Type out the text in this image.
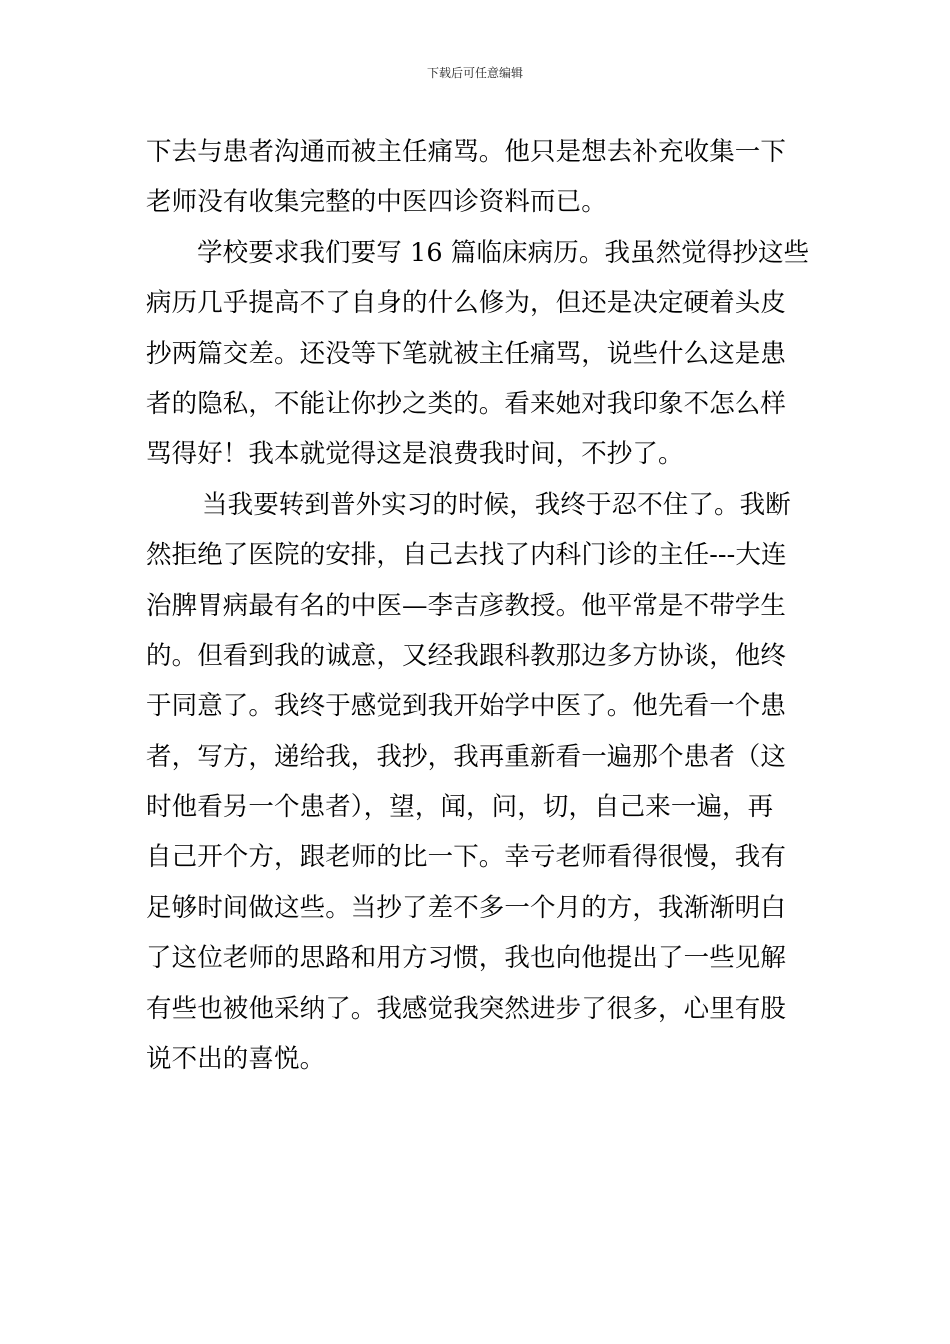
下载后可任意编辑
下去与患者沟通而被主任痛骂。他只是想去补充收集一下
老师没有收集完整的中医四诊资料而已。
学校要求我们要写 16 篇临床病历。我虽然觉得抄这些
病历几乎提高不了自身的什么修为，但还是决定硬着头皮
抄两篇交差。还没等下笔就被主任痛骂，说些什么这是患
者的隐私，不能让你抄之类的。看来她对我印象不怎么样
骂得好！我本就觉得这是浪费我时间，不抄了。
当我要转到普外实习的时候，我终于忍不住了。我断
然拒绝了医院的安排，自己去找了内科门诊的主任---大连
治脾胃病最有名的中医—李吉彦教授。他平常是不带学生
的。但看到我的诚意，又经我跟科教那边多方协谈，他终
于同意了。我终于感觉到我开始学中医了。他先看一个患
者，写方，递给我，我抄，我再重新看一遍那个患者（这
时他看另一个患者），望，闻，问，切，自己来一遍，再
自己开个方，跟老师的比一下。幸亏老师看得很慢，我有
足够时间做这些。当抄了差不多一个月的方，我渐渐明白
了这位老师的思路和用方习惯，我也向他提出了一些见解
有些也被他采纳了。我感觉我突然进步了很多，心里有股
说不出的喜悦。
